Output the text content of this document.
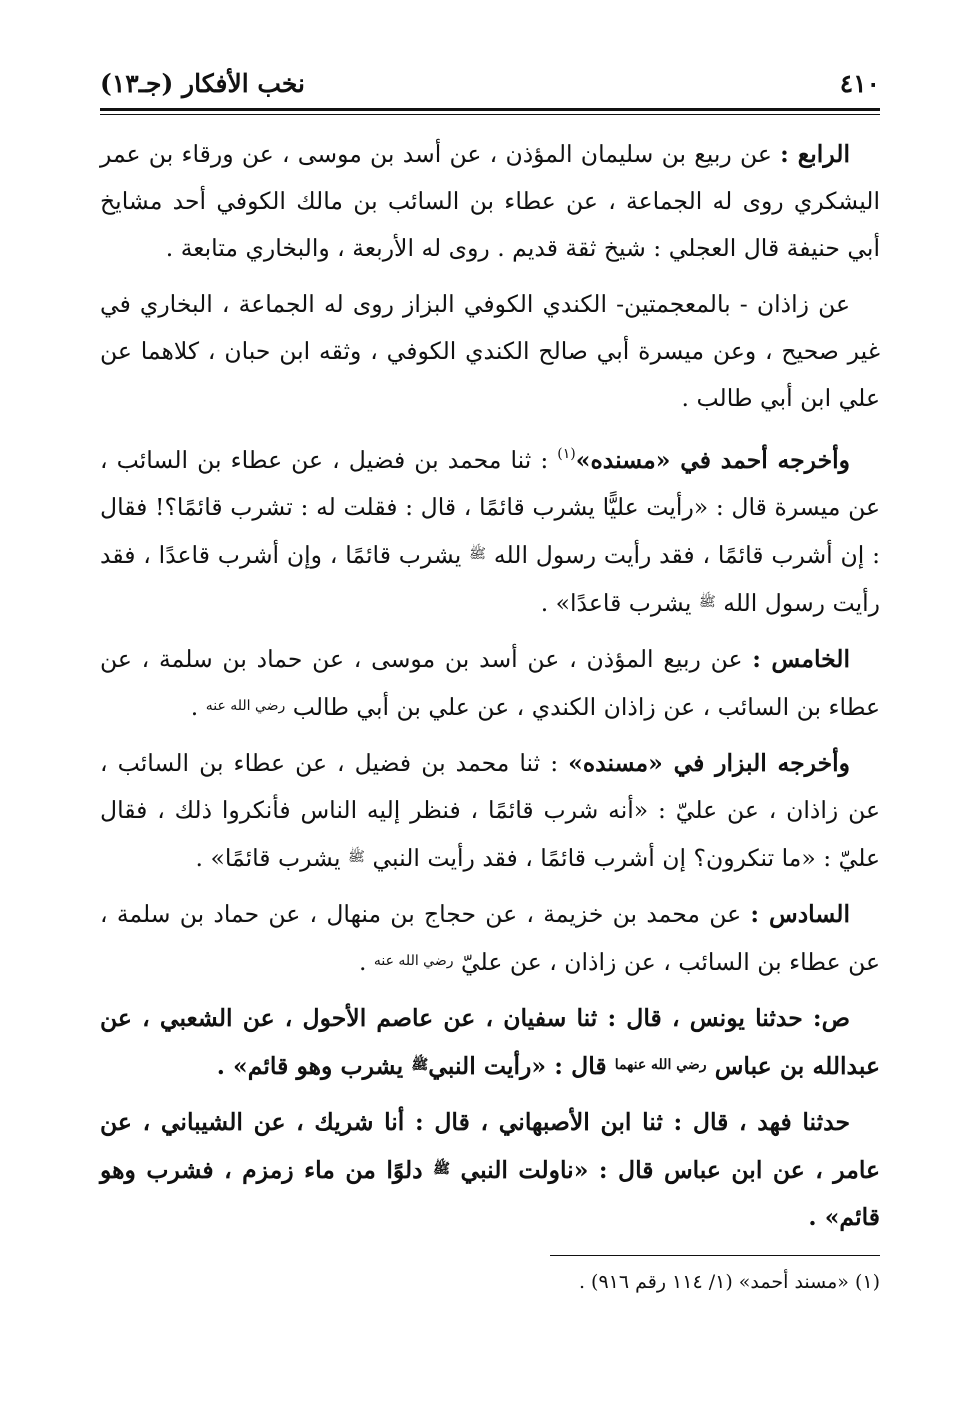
٤١٠
نخب الأفكار (جـ١٣)

الرابع : عن ربيع بن سليمان المؤذن ، عن أسد بن موسى ، عن ورقاء بن عمر اليشكري روى له الجماعة ، عن عطاء بن السائب بن مالك الكوفي أحد مشايخ أبي حنيفة قال العجلي : شيخ ثقة قديم . روى له الأربعة ، والبخاري متابعة .

عن زاذان - بالمعجمتين- الكندي الكوفي البزاز روى له الجماعة ، البخاري في غير صحيح ، وعن ميسرة أبي صالح الكندي الكوفي ، وثقه ابن حبان ، كلاهما عن علي ابن أبي طالب .

وأخرجه أحمد في «مسنده»$^{(١)}$ : ثنا محمد بن فضيل ، عن عطاء بن السائب ، عن ميسرة قال : «رأيت عليًّا يشرب قائمًا ، قال : فقلت له : تشرب قائمًا؟! فقال : إن أشرب قائمًا ، فقد رأيت رسول الله $^ﷺ$ يشرب قائمًا ، وإن أشرب قاعدًا ، فقد رأيت رسول الله $^ﷺ$ يشرب قاعدًا» .

الخامس : عن ربيع المؤذن ، عن أسد بن موسى ، عن حماد بن سلمة ، عن عطاء بن السائب ، عن زاذان الكندي ، عن علي بن أبي طالب $^{رضي الله عنه}$ .

وأخرجه البزار في «مسنده» : ثنا محمد بن فضيل ، عن عطاء بن السائب ، عن زاذان ، عن عليّ : «أنه شرب قائمًا ، فنظر إليه الناس فأنكروا ذلك ، فقال عليّ : «ما تنكرون؟ إن أشرب قائمًا ، فقد رأيت النبي $^ﷺ$ يشرب قائمًا» .

السادس : عن محمد بن خزيمة ، عن حجاج بن منهال ، عن حماد بن سلمة ، عن عطاء بن السائب ، عن زاذان ، عن عليّ $^{رضي الله عنه}$ .

ص: حدثنا يونس ، قال : ثنا سفيان ، عن عاصم الأحول ، عن الشعبي ، عن عبدالله بن عباس $^{رضي الله عنهما}$ قال : «رأيت النبي$^ﷺ$ يشرب وهو قائم» .

حدثنا فهد ، قال : ثنا ابن الأصبهاني ، قال : أنا شريك ، عن الشيباني ، عن عامر ، عن ابن عباس قال : «ناولت النبي $^ﷺ$ دلوًا من ماء زمزم ، فشرب وهو قائم» .

(١) «مسند أحمد» (١/ ١١٤ رقم ٩١٦) .
